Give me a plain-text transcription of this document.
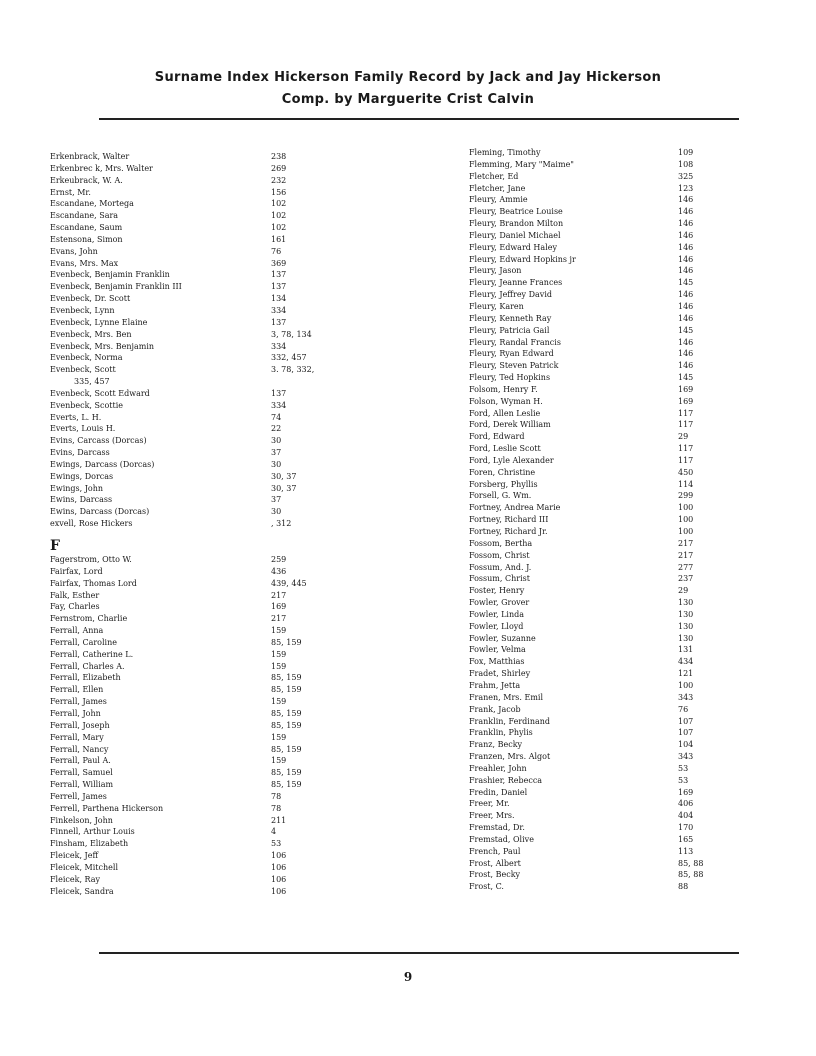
Surname Index Hickerson Family Record by Jack and Jay Hickerson
Comp. by Marguerite Crist Calvin
Erkenbrack, Walter	238
Erkenbrec k, Mrs. Walter	269
Erkeubrack, W. A.	232
Ernst, Mr.	156
Escandane, Mortega	102
Escandane, Sara	102
Escandane, Saum	102
Estensona, Simon	161
Evans, John	76
Evans, Mrs. Max	369
Evenbeck, Benjamin Franklin	137
Evenbeck, Benjamin Franklin III	137
Evenbeck, Dr. Scott	134
Evenbeck, Lynn	334
Evenbeck, Lynne Elaine	137
Evenbeck, Mrs. Ben	3, 78, 134
Evenbeck, Mrs. Benjamin	334
Evenbeck, Norma	332, 457
Evenbeck, Scott	3. 78, 332,
335, 457
Evenbeck, Scott Edward	137
Evenbeck, Scottie	334
Everts, L. H.	74
Everts, Louis H.	22
Evins, Carcass (Dorcas)	30
Evins, Darcass	37
Ewings, Darcass (Dorcas)	30
Ewings, Dorcas	30, 37
Ewings, John	30, 37
Ewins, Darcass	37
Ewins, Darcass (Dorcas)	30
exvell, Rose Hickers	, 312
F
Fagerstrom, Otto W.	259
Fairfax, Lord	436
Fairfax, Thomas Lord	439, 445
Falk, Esther	217
Fay, Charles	169
Fernstrom, Charlie	217
Ferrall, Anna	159
Ferrall, Caroline	85, 159
Ferrall, Catherine L.	159
Ferrall, Charles A.	159
Ferrall, Elizabeth	85, 159
Ferrall, Ellen	85, 159
Ferrall, James	159
Ferrall, John	85, 159
Ferrall, Joseph	85, 159
Ferrall, Mary	159
Ferrall, Nancy	85, 159
Ferrall, Paul A.	159
Ferrall, Samuel	85, 159
Ferrall, William	85, 159
Ferrell, James	78
Ferrell, Parthena Hickerson	78
Finkelson, John	211
Finnell, Arthur Louis	4
Finsham, Elizabeth	53
Fleicek, Jeff	106
Fleicek, Mitchell	106
Fleicek, Ray	106
Fleicek, Sandra	106
Fleming, Timothy	109
Flemming, Mary "Maime"	108
Fletcher, Ed	325
Fletcher, Jane	123
Fleury, Ammie	146
Fleury, Beatrice Louise	146
Fleury, Brandon Milton	146
Fleury, Daniel Michael	146
Fleury, Edward Haley	146
Fleury, Edward Hopkins jr	146
Fleury, Jason	146
Fleury, Jeanne Frances	145
Fleury, Jeffrey David	146
Fleury, Karen	146
Fleury, Kenneth Ray	146
Fleury, Patricia Gail	145
Fleury, Randal Francis	146
Fleury, Ryan Edward	146
Fleury, Steven Patrick	146
Fleury, Ted Hopkins	145
Folsom, Henry F.	169
Folson, Wyman H.	169
Ford, Allen Leslie	117
Ford, Derek William	117
Ford, Edward	29
Ford, Leslie Scott	117
Ford, Lyle Alexander	117
Foren, Christine	450
Forsberg, Phyllis	114
Forsell, G. Wm.	299
Fortney, Andrea Marie	100
Fortney, Richard III	100
Fortney, Richard Jr.	100
Fossom, Bertha	217
Fossom, Christ	217
Fossum, And. J.	277
Fossum, Christ	237
Foster, Henry	29
Fowler, Grover	130
Fowler, Linda	130
Fowler, Lloyd	130
Fowler, Suzanne	130
Fowler, Velma	131
Fox, Matthias	434
Fradet, Shirley	121
Frahm, Jetta	100
Franen, Mrs. Emil	343
Frank, Jacob	76
Franklin, Ferdinand	107
Franklin, Phylis	107
Franz, Becky	104
Franzen, Mrs. Algot	343
Freahler, John	53
Frashier, Rebecca	53
Fredin, Daniel	169
Freer, Mr.	406
Freer, Mrs.	404
Fremstad, Dr.	170
Fremstad, Olive	165
French, Paul	113
Frost, Albert	85, 88
Frost, Becky	85, 88
Frost, C.	88
9
